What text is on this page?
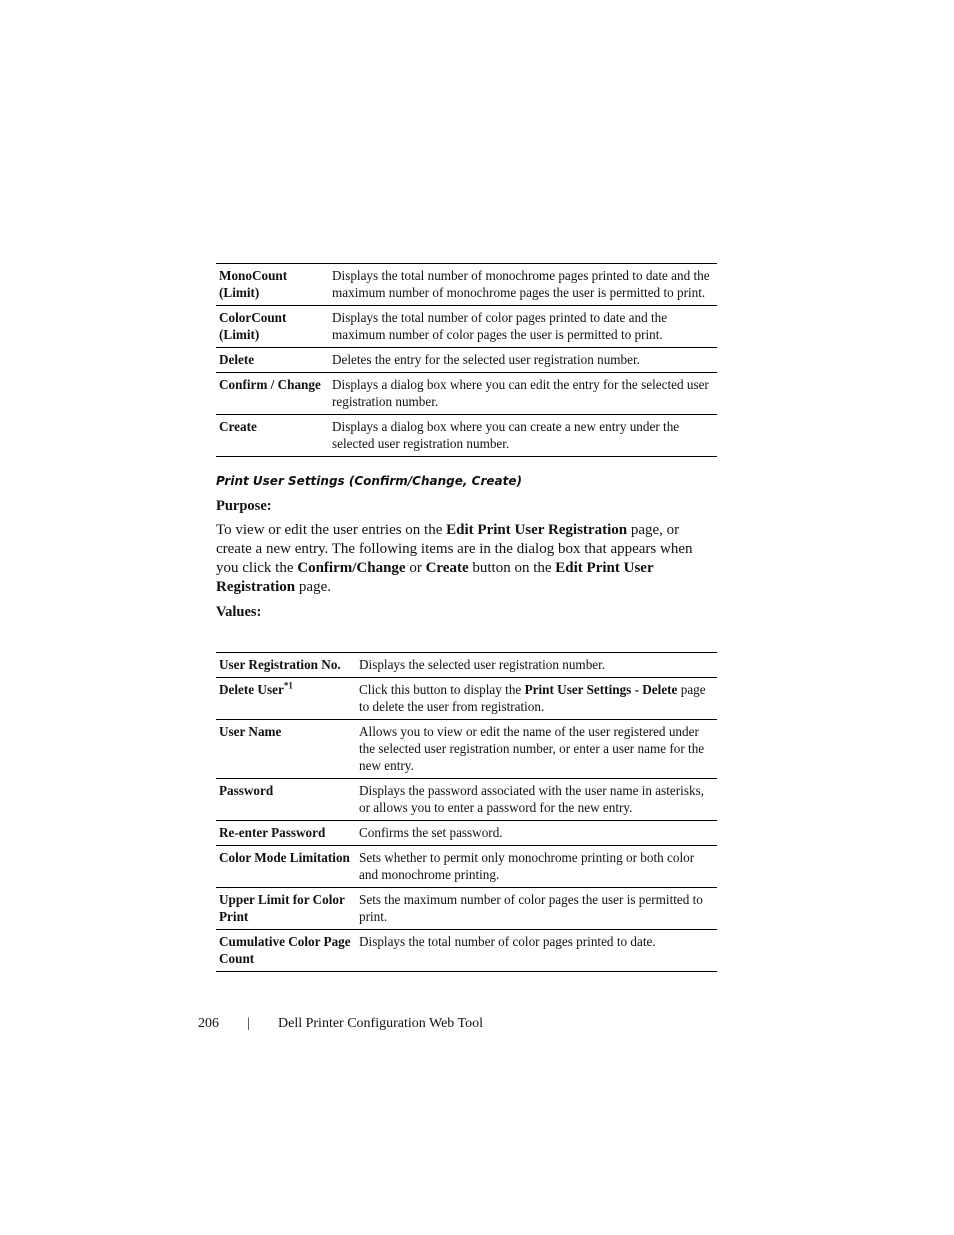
MonoCount (Limit)	Displays the total number of monochrome pages printed to date and the maximum number of monochrome pages the user is permitted to print.
ColorCount (Limit)	Displays the total number of color pages printed to date and the maximum number of color pages the user is permitted to print.
Delete	Deletes the entry for the selected user registration number.
Confirm / Change	Displays a dialog box where you can edit the entry for the selected user registration number.
Create	Displays a dialog box where you can create a new entry under the selected user registration number.
Print User Settings (Confirm/Change, Create)
Purpose:
To view or edit the user entries on the Edit Print User Registration page, or create a new entry. The following items are in the dialog box that appears when you click the Confirm/Change or Create button on the Edit Print User Registration page.
Values:
User Registration No.	Displays the selected user registration number.
Delete User$^{*1}$	Click this button to display the Print User Settings - Delete page to delete the user from registration.
User Name	Allows you to view or edit the name of the user registered under the selected user registration number, or enter a user name for the new entry.
Password	Displays the password associated with the user name in asterisks, or allows you to enter a password for the new entry.
Re-enter Password	Confirms the set password.
Color Mode Limitation	Sets whether to permit only monochrome printing or both color and monochrome printing.
Upper Limit for Color Print	Sets the maximum number of color pages the user is permitted to print.
Cumulative Color Page Count	Displays the total number of color pages printed to date.
206	| Dell Printer Configuration Web Tool
